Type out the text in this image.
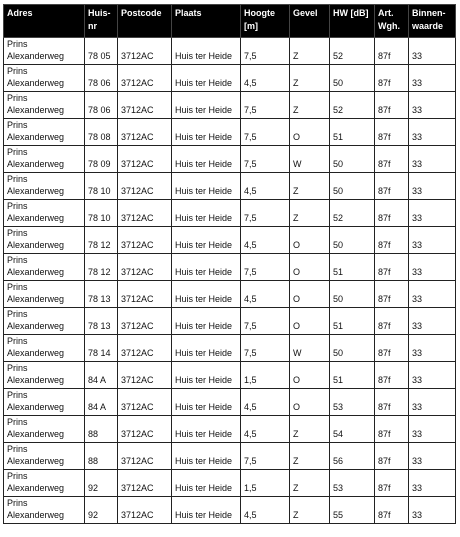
Adres	Huis-nr	Postcode	Plaats	Hoogte [m]	Gevel	HW [dB]	Art. Wgh.	Binnen-waarde
Prins Alexanderweg	78 05	3712AC	Huis ter Heide	7,5	Z	52	87f	33
Prins Alexanderweg	78 06	3712AC	Huis ter Heide	4,5	Z	50	87f	33
Prins Alexanderweg	78 06	3712AC	Huis ter Heide	7,5	Z	52	87f	33
Prins Alexanderweg	78 08	3712AC	Huis ter Heide	7,5	O	51	87f	33
Prins Alexanderweg	78 09	3712AC	Huis ter Heide	7,5	W	50	87f	33
Prins Alexanderweg	78 10	3712AC	Huis ter Heide	4,5	Z	50	87f	33
Prins Alexanderweg	78 10	3712AC	Huis ter Heide	7,5	Z	52	87f	33
Prins Alexanderweg	78 12	3712AC	Huis ter Heide	4,5	O	50	87f	33
Prins Alexanderweg	78 12	3712AC	Huis ter Heide	7,5	O	51	87f	33
Prins Alexanderweg	78 13	3712AC	Huis ter Heide	4,5	O	50	87f	33
Prins Alexanderweg	78 13	3712AC	Huis ter Heide	7,5	O	51	87f	33
Prins Alexanderweg	78 14	3712AC	Huis ter Heide	7,5	W	50	87f	33
Prins Alexanderweg	84 A	3712AC	Huis ter Heide	1,5	O	51	87f	33
Prins Alexanderweg	84 A	3712AC	Huis ter Heide	4,5	O	53	87f	33
Prins Alexanderweg	88	3712AC	Huis ter Heide	4,5	Z	54	87f	33
Prins Alexanderweg	88	3712AC	Huis ter Heide	7,5	Z	56	87f	33
Prins Alexanderweg	92	3712AC	Huis ter Heide	1,5	Z	53	87f	33
Prins Alexanderweg	92	3712AC	Huis ter Heide	4,5	Z	55	87f	33
